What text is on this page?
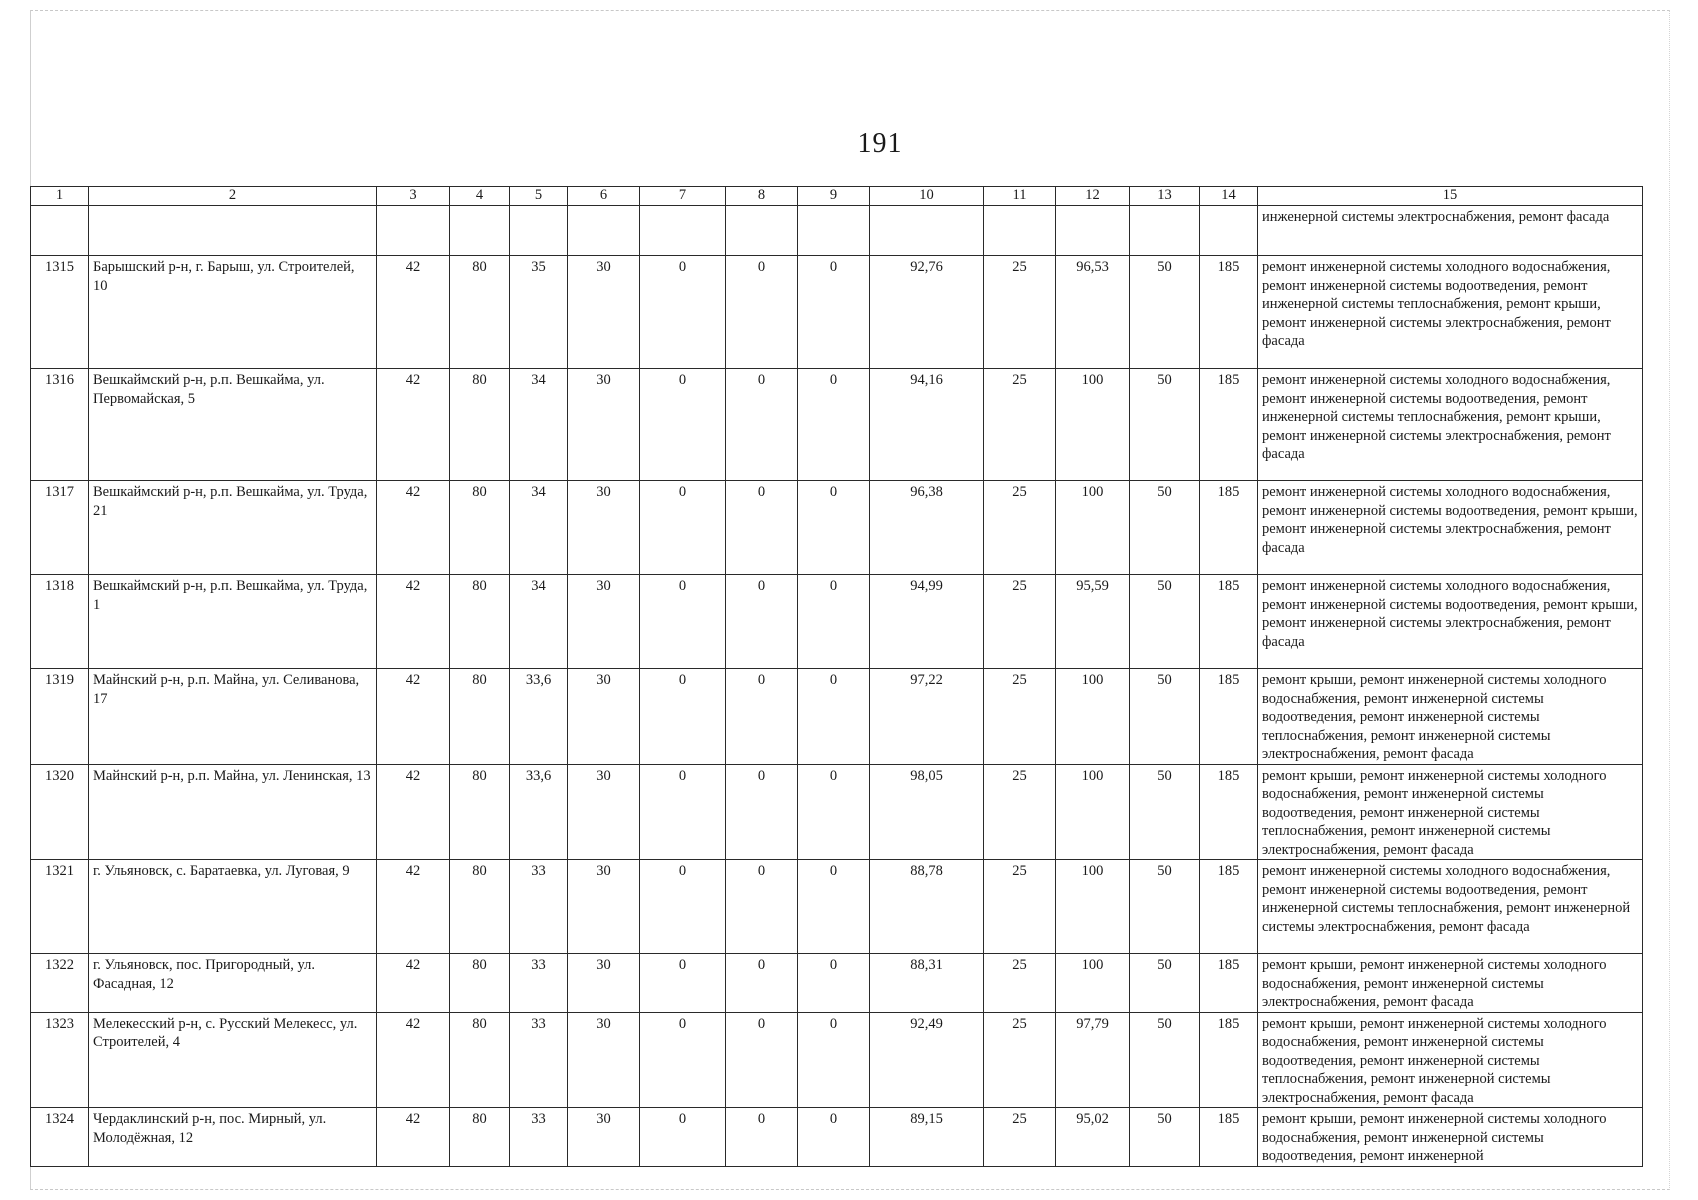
191
1	2	3	4	5	6	7	8	9	10	11	12	13	14	15
														инженерной системы электроснабжения, ремонт фасада
1315	Барышский р-н, г. Барыш, ул. Строителей, 10	42	80	35	30	0	0	0	92,76	25	96,53	50	185	ремонт инженерной системы холодного водоснабжения, ремонт инженерной системы водоотведения, ремонт инженерной системы теплоснабжения, ремонт крыши, ремонт инженерной системы электроснабжения, ремонт фасада
1316	Вешкаймский р-н, р.п. Вешкайма, ул. Первомайская, 5	42	80	34	30	0	0	0	94,16	25	100	50	185	ремонт инженерной системы холодного водоснабжения, ремонт инженерной системы водоотведения, ремонт инженерной системы теплоснабжения, ремонт крыши, ремонт инженерной системы электроснабжения, ремонт фасада
1317	Вешкаймский р-н, р.п. Вешкайма, ул. Труда, 21	42	80	34	30	0	0	0	96,38	25	100	50	185	ремонт инженерной системы холодного водоснабжения, ремонт инженерной системы водоотведения, ремонт крыши, ремонт инженерной системы электроснабжения, ремонт фасада
1318	Вешкаймский р-н, р.п. Вешкайма, ул. Труда, 1	42	80	34	30	0	0	0	94,99	25	95,59	50	185	ремонт инженерной системы холодного водоснабжения, ремонт инженерной системы водоотведения, ремонт крыши, ремонт инженерной системы электроснабжения, ремонт фасада
1319	Майнский р-н, р.п. Майна, ул. Селиванова, 17	42	80	33,6	30	0	0	0	97,22	25	100	50	185	ремонт крыши, ремонт инженерной системы холодного водоснабжения, ремонт инженерной системы водоотведения, ремонт инженерной системы теплоснабжения, ремонт инженерной системы электроснабжения, ремонт фасада
1320	Майнский р-н, р.п. Майна, ул. Ленинская, 13	42	80	33,6	30	0	0	0	98,05	25	100	50	185	ремонт крыши, ремонт инженерной системы холодного водоснабжения, ремонт инженерной системы водоотведения, ремонт инженерной системы теплоснабжения, ремонт инженерной системы электроснабжения, ремонт фасада
1321	г. Ульяновск, с. Баратаевка, ул. Луговая, 9	42	80	33	30	0	0	0	88,78	25	100	50	185	ремонт инженерной системы холодного водоснабжения, ремонт инженерной системы водоотведения, ремонт инженерной системы теплоснабжения, ремонт инженерной системы электроснабжения, ремонт фасада
1322	г. Ульяновск, пос. Пригородный, ул. Фасадная, 12	42	80	33	30	0	0	0	88,31	25	100	50	185	ремонт крыши, ремонт инженерной системы холодного водоснабжения, ремонт инженерной системы электроснабжения, ремонт фасада
1323	Мелекесский р-н, с. Русский Мелекесс, ул. Строителей, 4	42	80	33	30	0	0	0	92,49	25	97,79	50	185	ремонт крыши, ремонт инженерной системы холодного водоснабжения, ремонт инженерной системы водоотведения, ремонт инженерной системы теплоснабжения, ремонт инженерной системы электроснабжения, ремонт фасада
1324	Чердаклинский р-н, пос. Мирный, ул. Молодёжная, 12	42	80	33	30	0	0	0	89,15	25	95,02	50	185	ремонт крыши, ремонт инженерной системы холодного водоснабжения, ремонт инженерной системы водоотведения, ремонт инженерной
